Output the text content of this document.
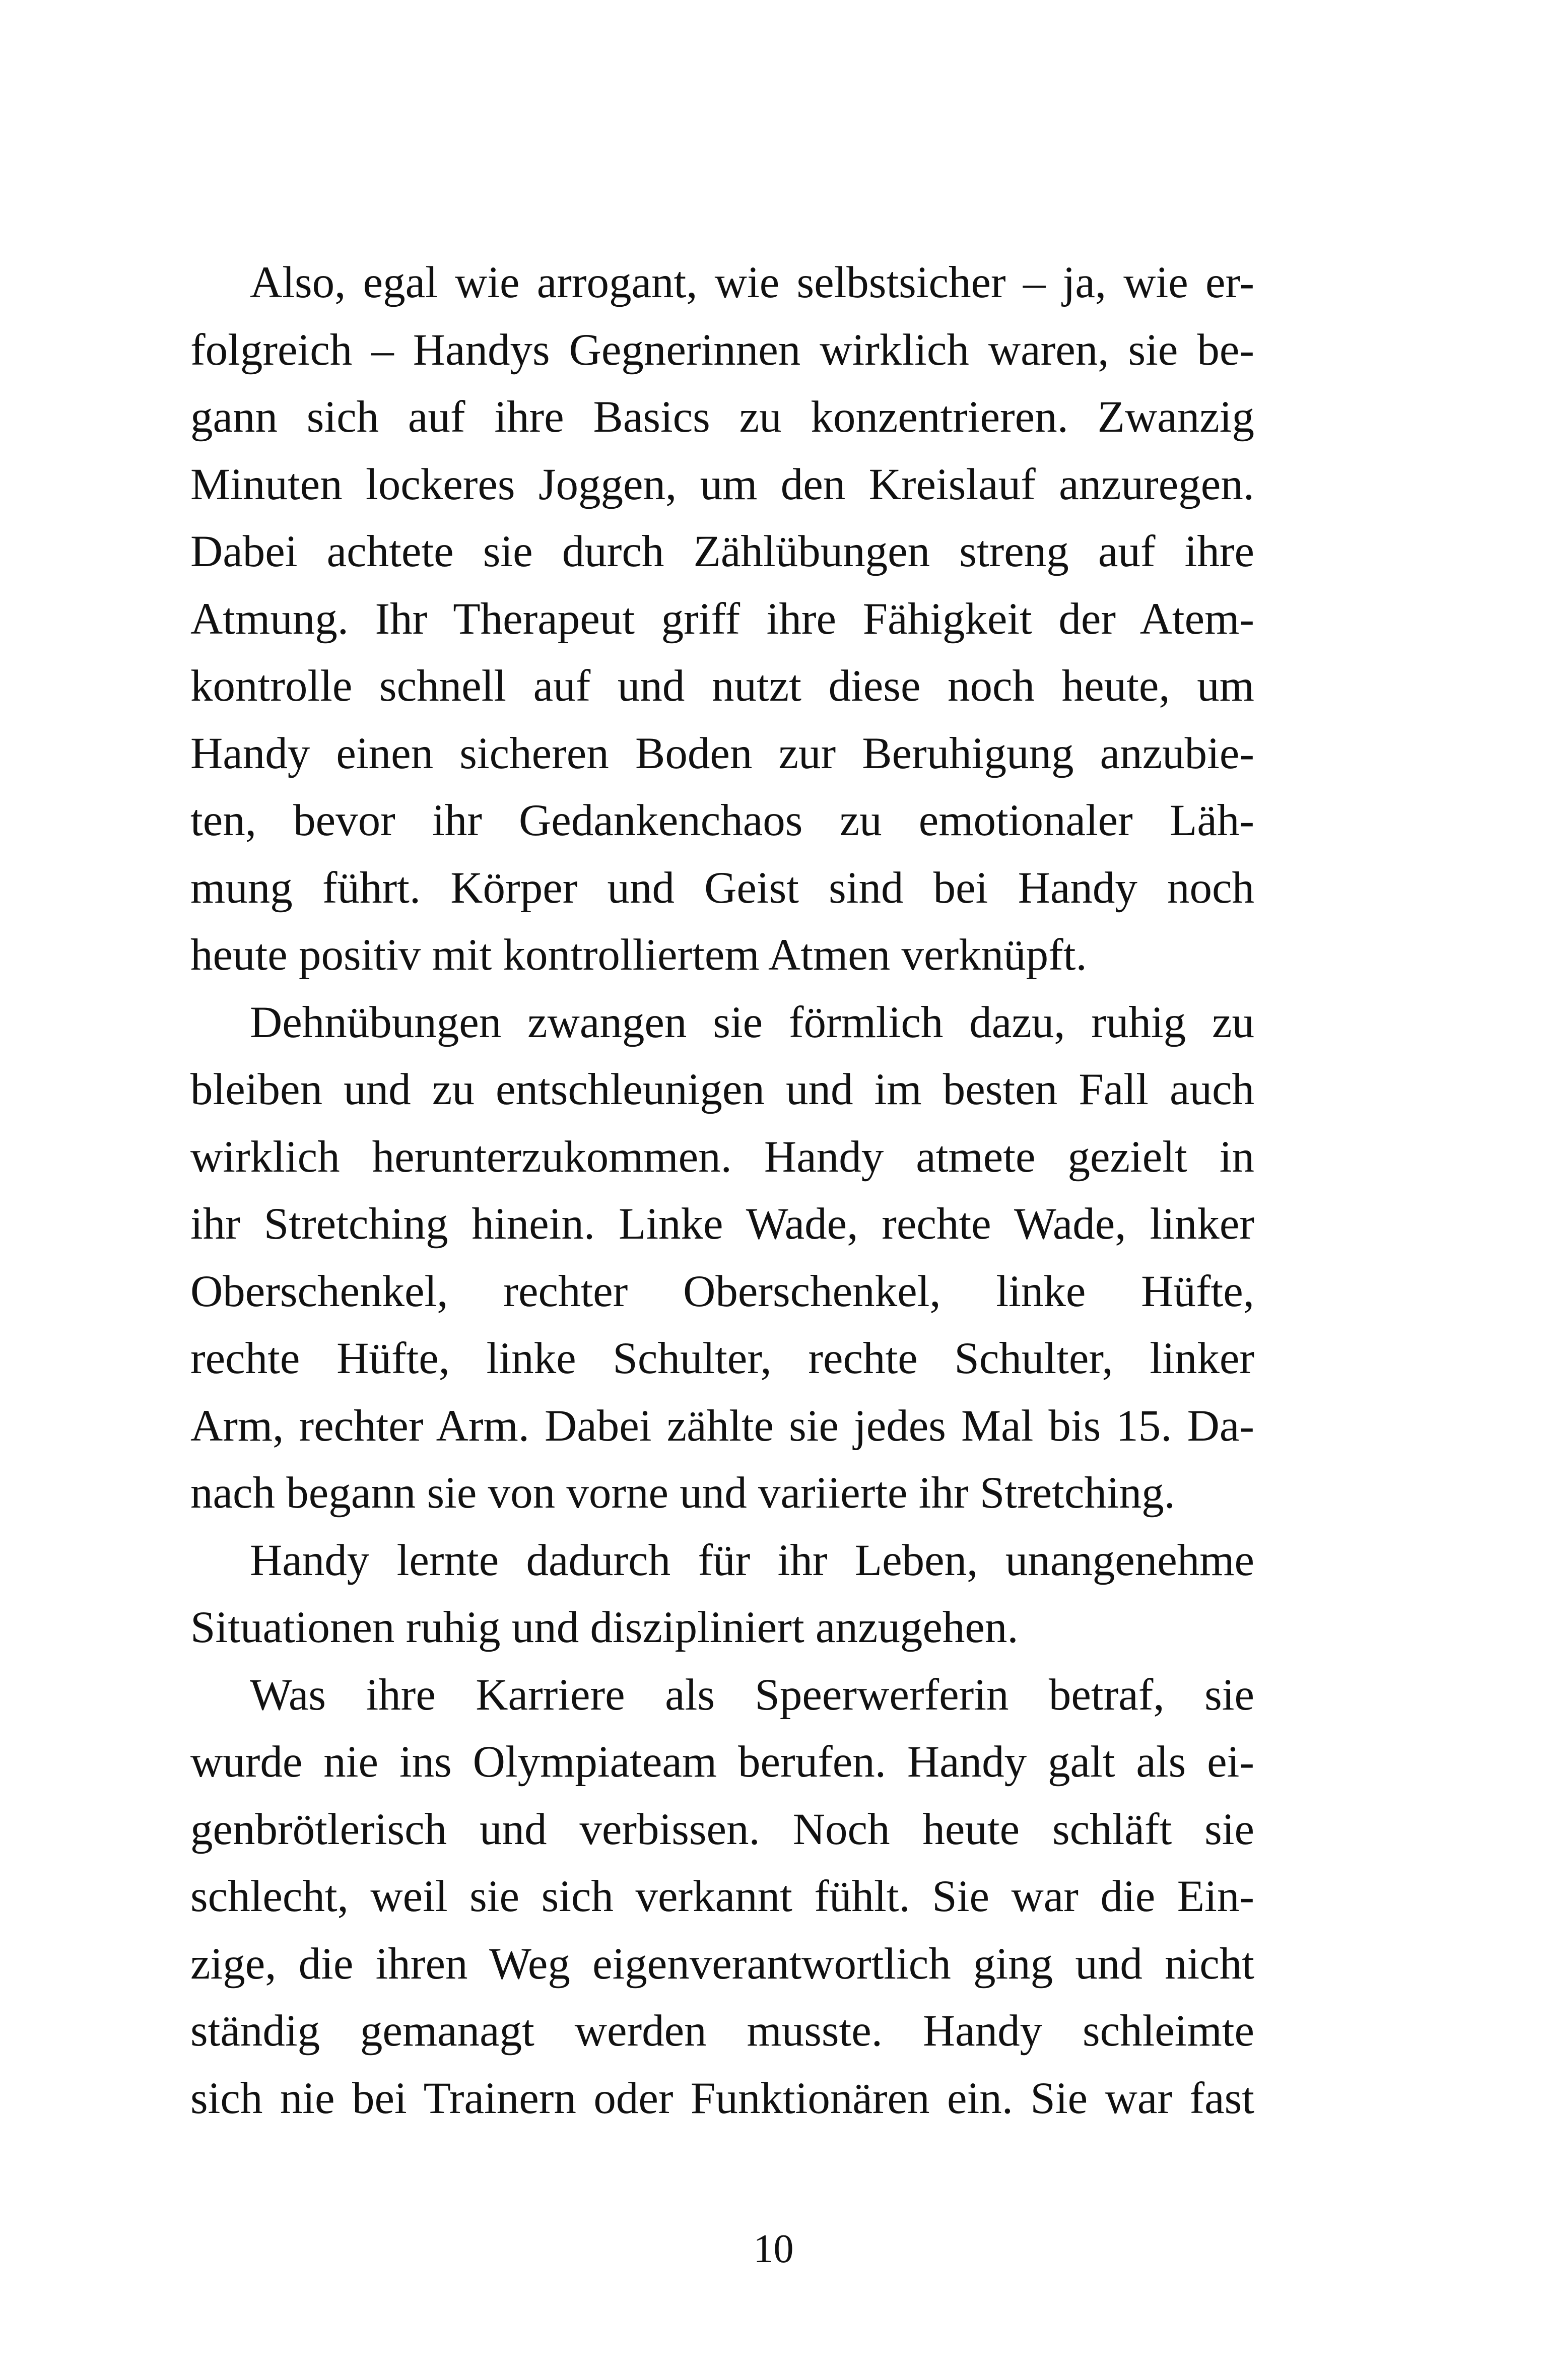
Also, egal wie arrogant, wie selbstsicher – ja, wie er-
folgreich – Handys Gegnerinnen wirklich waren, sie be-
gann sich auf ihre Basics zu konzentrieren. Zwanzig
Minuten lockeres Joggen, um den Kreislauf anzuregen.
Dabei achtete sie durch Zählübungen streng auf ihre
Atmung. Ihr Therapeut griff ihre Fähigkeit der Atem-
kontrolle schnell auf und nutzt diese noch heute, um
Handy einen sicheren Boden zur Beruhigung anzubie-
ten, bevor ihr Gedankenchaos zu emotionaler Läh-
mung führt. Körper und Geist sind bei Handy noch
heute positiv mit kontrolliertem Atmen verknüpft.
Dehnübungen zwangen sie förmlich dazu, ruhig zu
bleiben und zu entschleunigen und im besten Fall auch
wirklich herunterzukommen. Handy atmete gezielt in
ihr Stretching hinein. Linke Wade, rechte Wade, linker
Oberschenkel, rechter Oberschenkel, linke Hüfte,
rechte Hüfte, linke Schulter, rechte Schulter, linker
Arm, rechter Arm. Dabei zählte sie jedes Mal bis 15. Da-
nach begann sie von vorne und variierte ihr Stretching.
Handy lernte dadurch für ihr Leben, unangenehme
Situationen ruhig und diszipliniert anzugehen.
Was ihre Karriere als Speerwerferin betraf, sie
wurde nie ins Olympiateam berufen. Handy galt als ei-
genbrötlerisch und verbissen. Noch heute schläft sie
schlecht, weil sie sich verkannt fühlt. Sie war die Ein-
zige, die ihren Weg eigenverantwortlich ging und nicht
ständig gemanagt werden musste. Handy schleimte
sich nie bei Trainern oder Funktionären ein. Sie war fast
10
